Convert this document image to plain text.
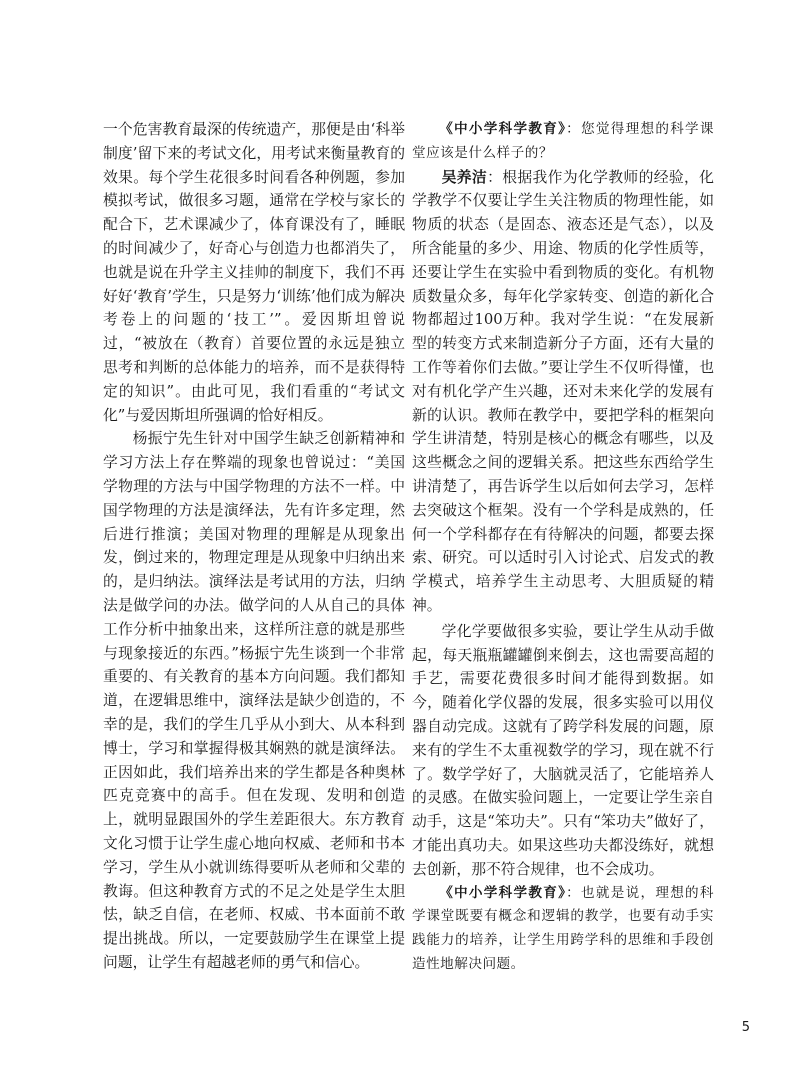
一个危害教育最深的传统遗产，那便是由‘科举制度’留下来的考试文化，用考试来衡量教育的效果。每个学生花很多时间看各种例题，参加模拟考试，做很多习题，通常在学校与家长的配合下，艺术课减少了，体育课没有了，睡眠的时间减少了，好奇心与创造力也都消失了，也就是说在升学主义挂帅的制度下，我们不再好好‘教育’学生，只是努力‘训练’他们成为解决考卷上的问题的‘技工’”。爱因斯坦曾说过，“被放在（教育）首要位置的永远是独立思考和判断的总体能力的培养，而不是获得特定的知识”。由此可见，我们看重的“考试文化”与爱因斯坦所强调的恰好相反。

杨振宁先生针对中国学生缺乏创新精神和学习方法上存在弊端的现象也曾说过：“美国学物理的方法与中国学物理的方法不一样。中国学物理的方法是演绎法，先有许多定理，然后进行推演；美国对物理的理解是从现象出发，倒过来的，物理定理是从现象中归纳出来的，是归纳法。演绎法是考试用的方法，归纳法是做学问的办法。做学问的人从自己的具体工作分析中抽象出来，这样所注意的就是那些与现象接近的东西。”杨振宁先生谈到一个非常重要的、有关教育的基本方向问题。我们都知道，在逻辑思维中，演绎法是缺少创造的，不幸的是，我们的学生几乎从小到大、从本科到博士，学习和掌握得极其娴熟的就是演绎法。正因如此，我们培养出来的学生都是各种奥林匹克竞赛中的高手。但在发现、发明和创造上，就明显跟国外的学生差距很大。东方教育文化习惯于让学生虚心地向权威、老师和书本学习，学生从小就训练得要听从老师和父辈的教诲。但这种教育方式的不足之处是学生太胆怯，缺乏自信，在老师、权威、书本面前不敢提出挑战。所以，一定要鼓励学生在课堂上提问题，让学生有超越老师的勇气和信心。

《中小学科学教育》：您觉得理想的科学课堂应该是什么样子的？

吴养洁：根据我作为化学教师的经验，化学教学不仅要让学生关注物质的物理性能，如物质的状态（是固态、液态还是气态），以及所含能量的多少、用途、物质的化学性质等，还要让学生在实验中看到物质的变化。有机物质数量众多，每年化学家转变、创造的新化合物都超过100万种。我对学生说：“在发展新型的转变方式来制造新分子方面，还有大量的工作等着你们去做。”要让学生不仅听得懂，也对有机化学产生兴趣，还对未来化学的发展有新的认识。教师在教学中，要把学科的框架向学生讲清楚，特别是核心的概念有哪些，以及这些概念之间的逻辑关系。把这些东西给学生讲清楚了，再告诉学生以后如何去学习，怎样去突破这个框架。没有一个学科是成熟的，任何一个学科都存在有待解决的问题，都要去探索、研究。可以适时引入讨论式、启发式的教学模式，培养学生主动思考、大胆质疑的精神。

学化学要做很多实验，要让学生从动手做起，每天瓶瓶罐罐倒来倒去，这也需要高超的手艺，需要花费很多时间才能得到数据。如今，随着化学仪器的发展，很多实验可以用仪器自动完成。这就有了跨学科发展的问题，原来有的学生不太重视数学的学习，现在就不行了。数学学好了，大脑就灵活了，它能培养人的灵感。在做实验问题上，一定要让学生亲自动手，这是“笨功夫”。只有“笨功夫”做好了，才能出真功夫。如果这些功夫都没练好，就想去创新，那不符合规律，也不会成功。

《中小学科学教育》：也就是说，理想的科学课堂既要有概念和逻辑的教学，也要有动手实践能力的培养，让学生用跨学科的思维和手段创造性地解决问题。

5
